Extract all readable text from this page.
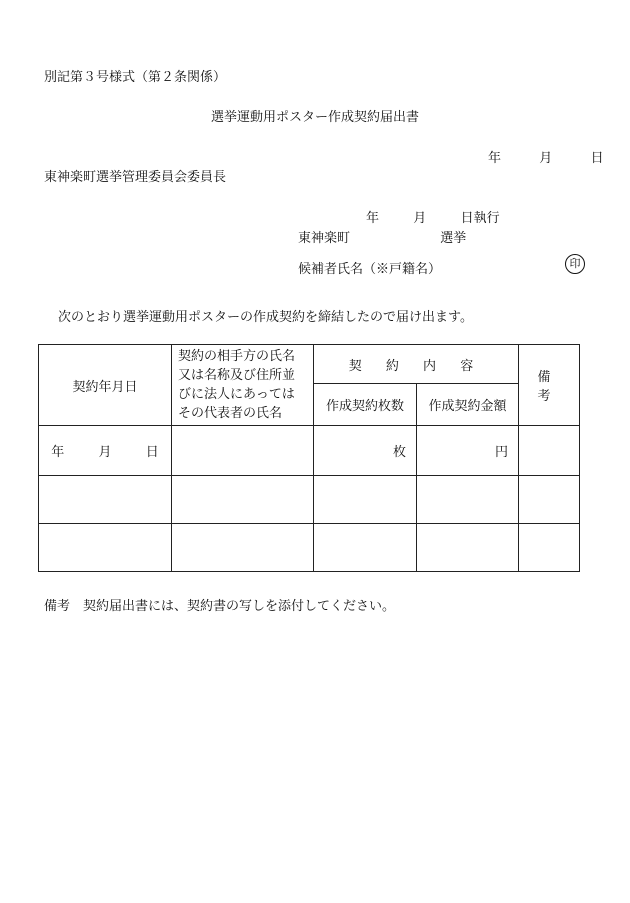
別記第３号様式（第２条関係）
選挙運動用ポスター作成契約届出書
年	月	日
東神楽町選挙管理委員会委員長
年	月	日執行
東神楽町	選挙
候補者氏名（※戸籍名）	印
次のとおり選挙運動用ポスターの作成契約を締結したので届け出ます。
契約年月日	契約の相手方の氏名又は名称及び住所並びに法人にあってはその代表者の氏名	契 約 内 容		備 考
		作成契約枚数	作成契約金額	
年 月 日		枚	円	

備考　契約届出書には、契約書の写しを添付してください。
